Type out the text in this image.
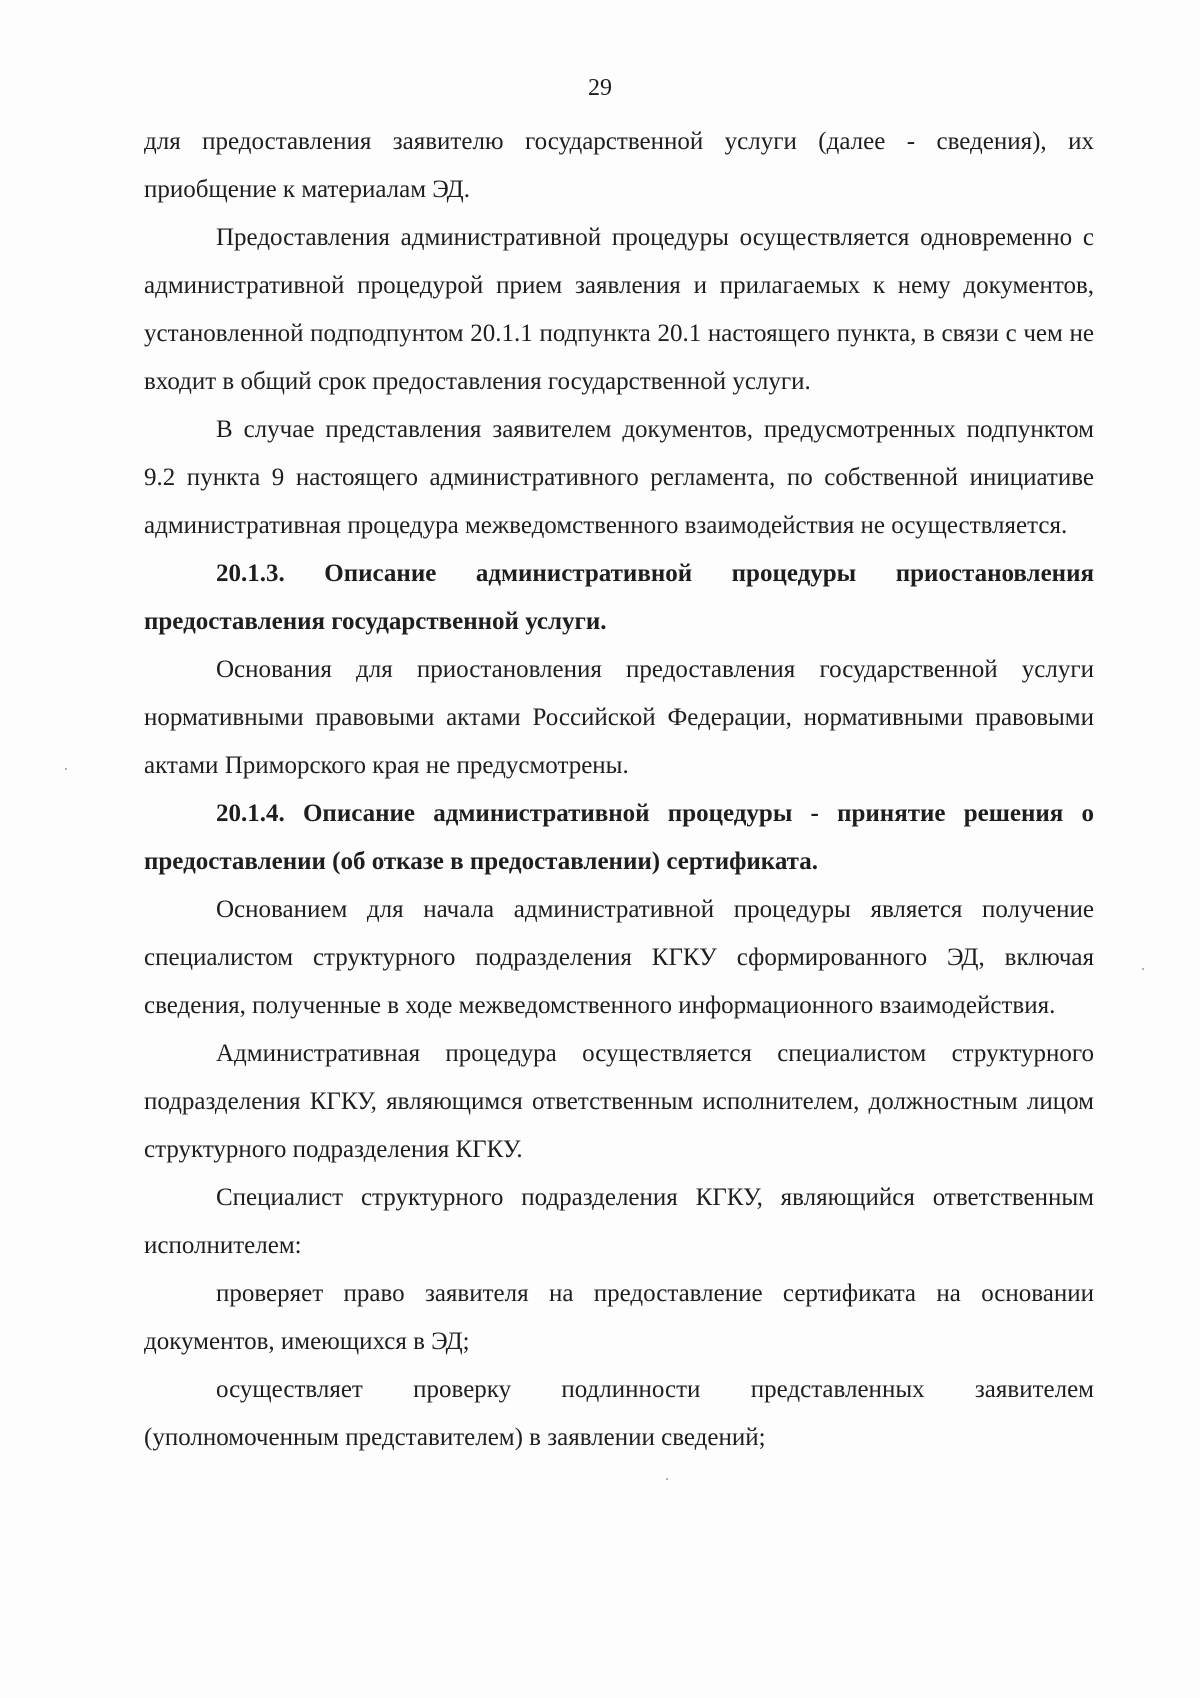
29

для предоставления заявителю государственной услуги (далее - сведения), их приобщение к материалам ЭД.

Предоставления административной процедуры осуществляется одновременно с административной процедурой прием заявления и прилагаемых к нему документов, установленной подподпунтом 20.1.1 подпункта 20.1 настоящего пункта, в связи с чем не входит в общий срок предоставления государственной услуги.

В случае представления заявителем документов, предусмотренных подпунктом 9.2 пункта 9 настоящего административного регламента, по собственной инициативе административная процедура межведомственного взаимодействия не осуществляется.

20.1.3. Описание административной процедуры приостановления предоставления государственной услуги.

Основания для приостановления предоставления государственной услуги нормативными правовыми актами Российской Федерации, нормативными правовыми актами Приморского края не предусмотрены.

20.1.4. Описание административной процедуры - принятие решения о предоставлении (об отказе в предоставлении) сертификата.

Основанием для начала административной процедуры является получение специалистом структурного подразделения КГКУ сформированного ЭД, включая сведения, полученные в ходе межведомственного информационного взаимодействия.

Административная процедура осуществляется специалистом структурного подразделения КГКУ, являющимся ответственным исполнителем, должностным лицом структурного подразделения КГКУ.

Специалист структурного подразделения КГКУ, являющийся ответственным исполнителем:

проверяет право заявителя на предоставление сертификата на основании документов, имеющихся в ЭД;

осуществляет проверку подлинности представленных заявителем (уполномоченным представителем) в заявлении сведений;
